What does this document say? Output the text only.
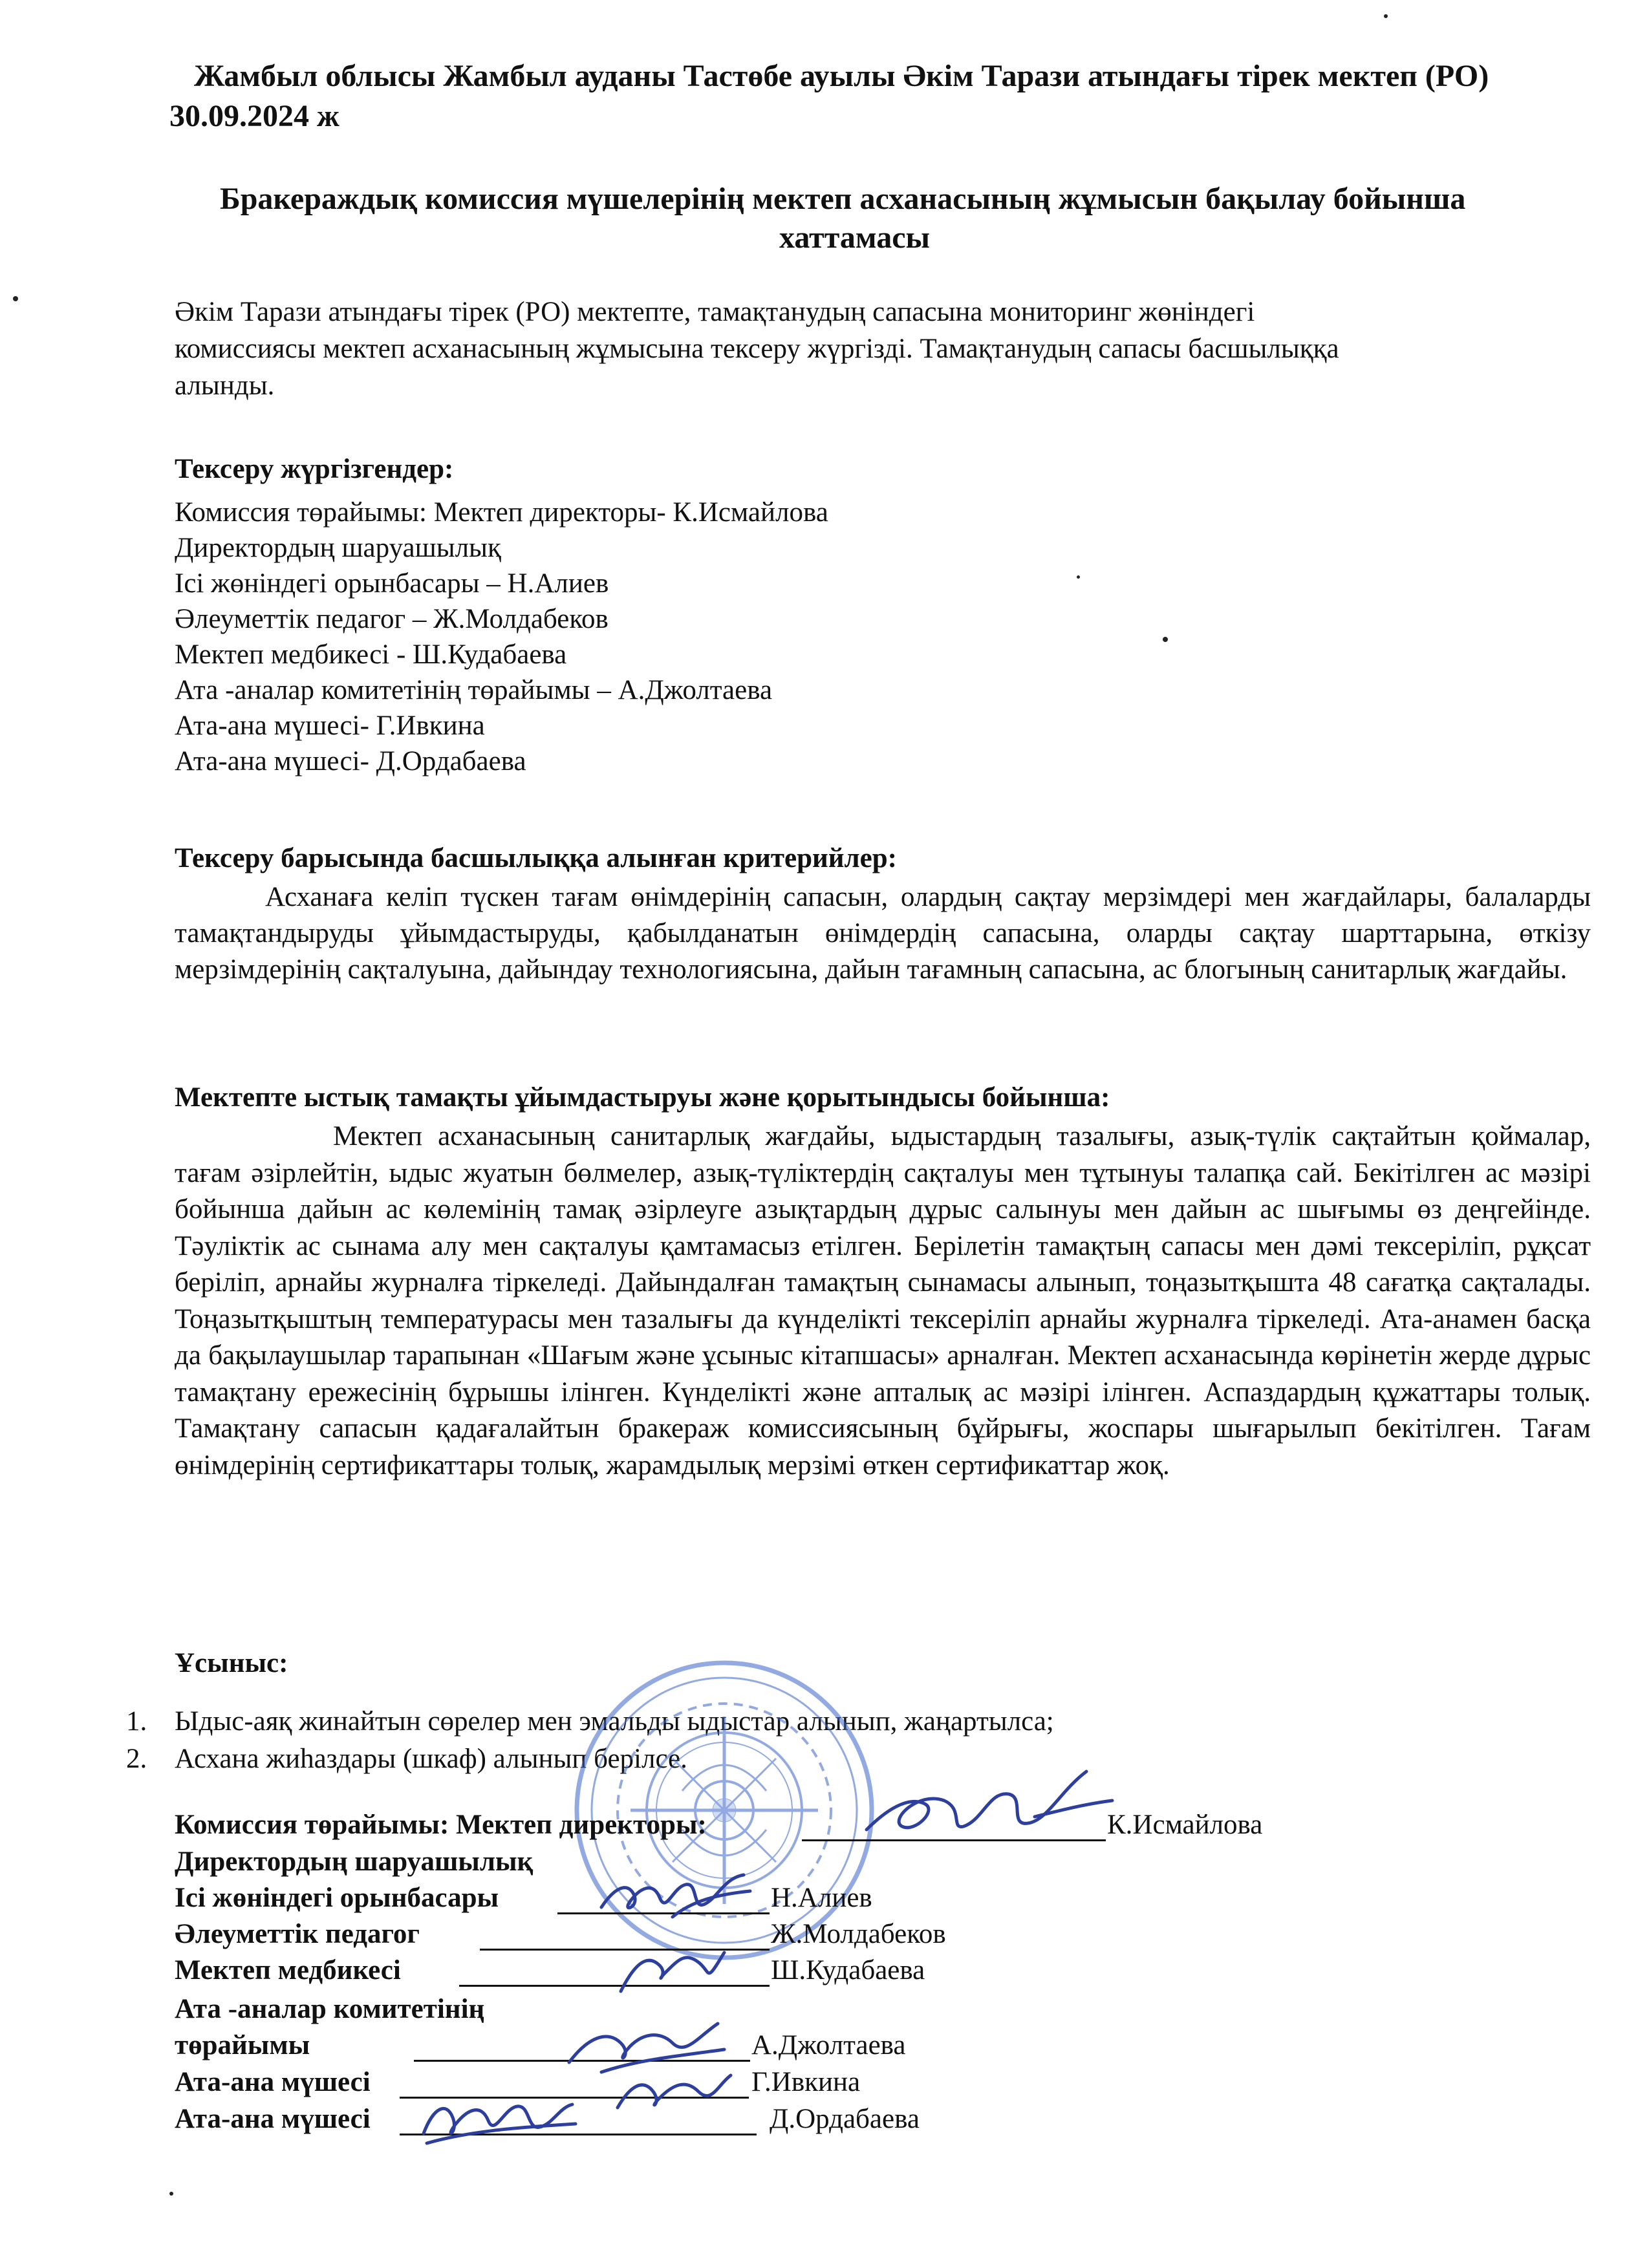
Жамбыл облысы Жамбыл ауданы Тастөбе ауылы Әкім Тарази атындағы тірек мектеп (РО)
30.09.2024 ж
Бракераждық комиссия мүшелерінің мектеп асханасының жұмысын бақылау бойынша
хаттамасы
Әкім Тарази атындағы тірек (РО) мектепте, тамақтанудың сапасына мониторинг жөніндегі
комиссиясы мектеп асханасының жұмысына тексеру жүргізді. Тамақтанудың сапасы басшылыққа
алынды.
Тексеру жүргізгендер:
Комиссия төрайымы: Мектеп директоры- К.Исмайлова
Директордың шаруашылық
Ісі жөніндегі орынбасары – Н.Алиев
Әлеуметтік педагог – Ж.Молдабеков
Мектеп медбикесі - Ш.Кудабаева
Ата -аналар комитетінің төрайымы – А.Джолтаева
Ата-ана мүшесі- Г.Ивкина
Ата-ана мүшесі- Д.Ордабаева
Тексеру барысында басшылыққа алынған критерийлер:
Асханаға келіп түскен тағам өнімдерінің сапасын, олардың сақтау мерзімдері мен жағдайлары, балаларды тамақтандыруды ұйымдастыруды, қабылданатын өнімдердің сапасына, оларды сақтау шарттарына, өткізу мерзімдерінің сақталуына, дайындау технологиясына, дайын тағамның сапасына, ас блогының санитарлық жағдайы.
Мектепте ыстық тамақты ұйымдастыруы және қорытындысы бойынша:
Мектеп асханасының санитарлық жағдайы, ыдыстардың тазалығы, азық-түлік сақтайтын қоймалар, тағам әзірлейтін, ыдыс жуатын бөлмелер, азық-түліктердің сақталуы мен тұтынуы талапқа сай. Бекітілген ас мәзірі бойынша дайын ас көлемінің тамақ әзірлеуге азықтардың дұрыс салынуы мен дайын ас шығымы өз деңгейінде. Тәуліктік ас сынама алу мен сақталуы қамтамасыз етілген. Берілетін тамақтың сапасы мен дәмі тексеріліп, рұқсат беріліп, арнайы журналға тіркеледі. Дайындалған тамақтың сынамасы алынып, тоңазытқышта 48 сағатқа сақталады. Тоңазытқыштың температурасы мен тазалығы да күнделікті тексеріліп арнайы журналға тіркеледі. Ата-анамен басқа да бақылаушылар тарапынан «Шағым және ұсыныс кітапшасы» арналған. Мектеп асханасында көрінетін жерде дұрыс тамақтану ережесінің бұрышы ілінген. Күнделікті және апталық ас мәзірі ілінген. Аспаздардың құжаттары толық. Тамақтану сапасын қадағалайтын бракераж комиссиясының бұйрығы, жоспары шығарылып бекітілген. Тағам өнімдерінің сертификаттары толық, жарамдылық мерзімі өткен сертификаттар жоқ.
Ұсыныс:
1. Ыдыс-аяқ жинайтын сөрелер мен эмальды ыдыстар алынып, жаңартылса;
2. Асхана жиһаздары (шкаф) алынып берілсе.
Комиссия төрайымы: Мектеп директоры:	К.Исмайлова
Директордың шаруашылық
Ісі жөніндегі орынбасары	Н.Алиев
Әлеуметтік педагог	Ж.Молдабеков
Мектеп медбикесі	Ш.Кудабаева
Ата -аналар комитетінің
төрайымы	А.Джолтаева
Ата-ана мүшесі	Г.Ивкина
Ата-ана мүшесі	Д.Ордабаева
